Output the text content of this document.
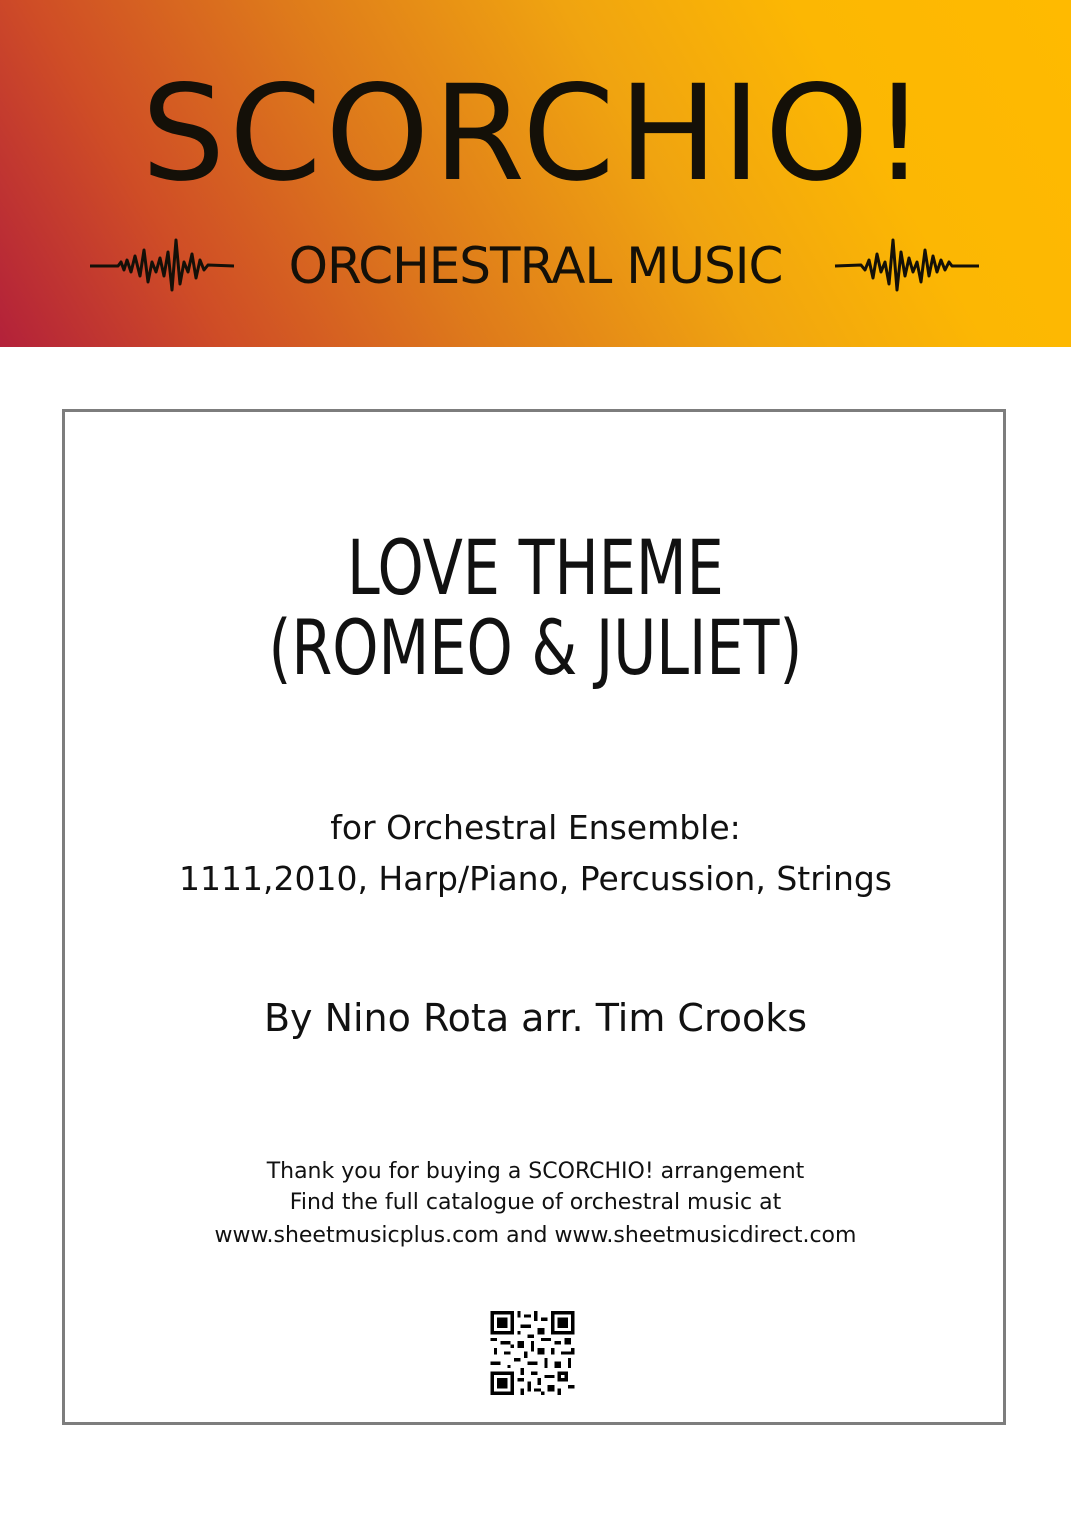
SCORCHIO!
ORCHESTRAL MUSIC
LOVE THEME
(ROMEO & JULIET)
for Orchestral Ensemble:
1111,2010, Harp/Piano, Percussion, Strings
By Nino Rota arr. Tim Crooks
Thank you for buying a SCORCHIO! arrangement
Find the full catalogue of orchestral music at
www.sheetmusicplus.com and www.sheetmusicdirect.com
